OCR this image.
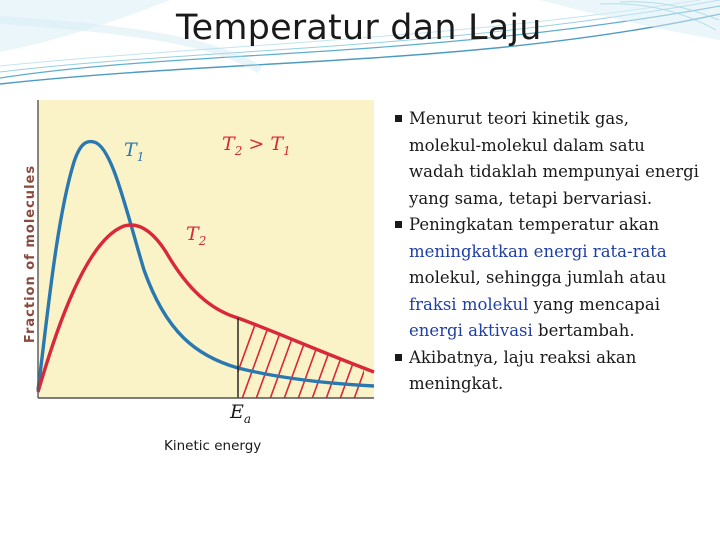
Temperatur dan Laju
Fraction of molecules
Kinetic energy
$T_1$
$T_2$
$T_2 > T_1$
$E_a$
Menurut teori kinetik gas, molekul-molekul dalam satu wadah tidaklah mempunyai energi yang sama, tetapi bervariasi.
Peningkatan temperatur akan meningkatkan energi rata-rata molekul, sehingga jumlah atau fraksi molekul yang mencapai energi aktivasi bertambah.
Akibatnya, laju reaksi akan meningkat.
